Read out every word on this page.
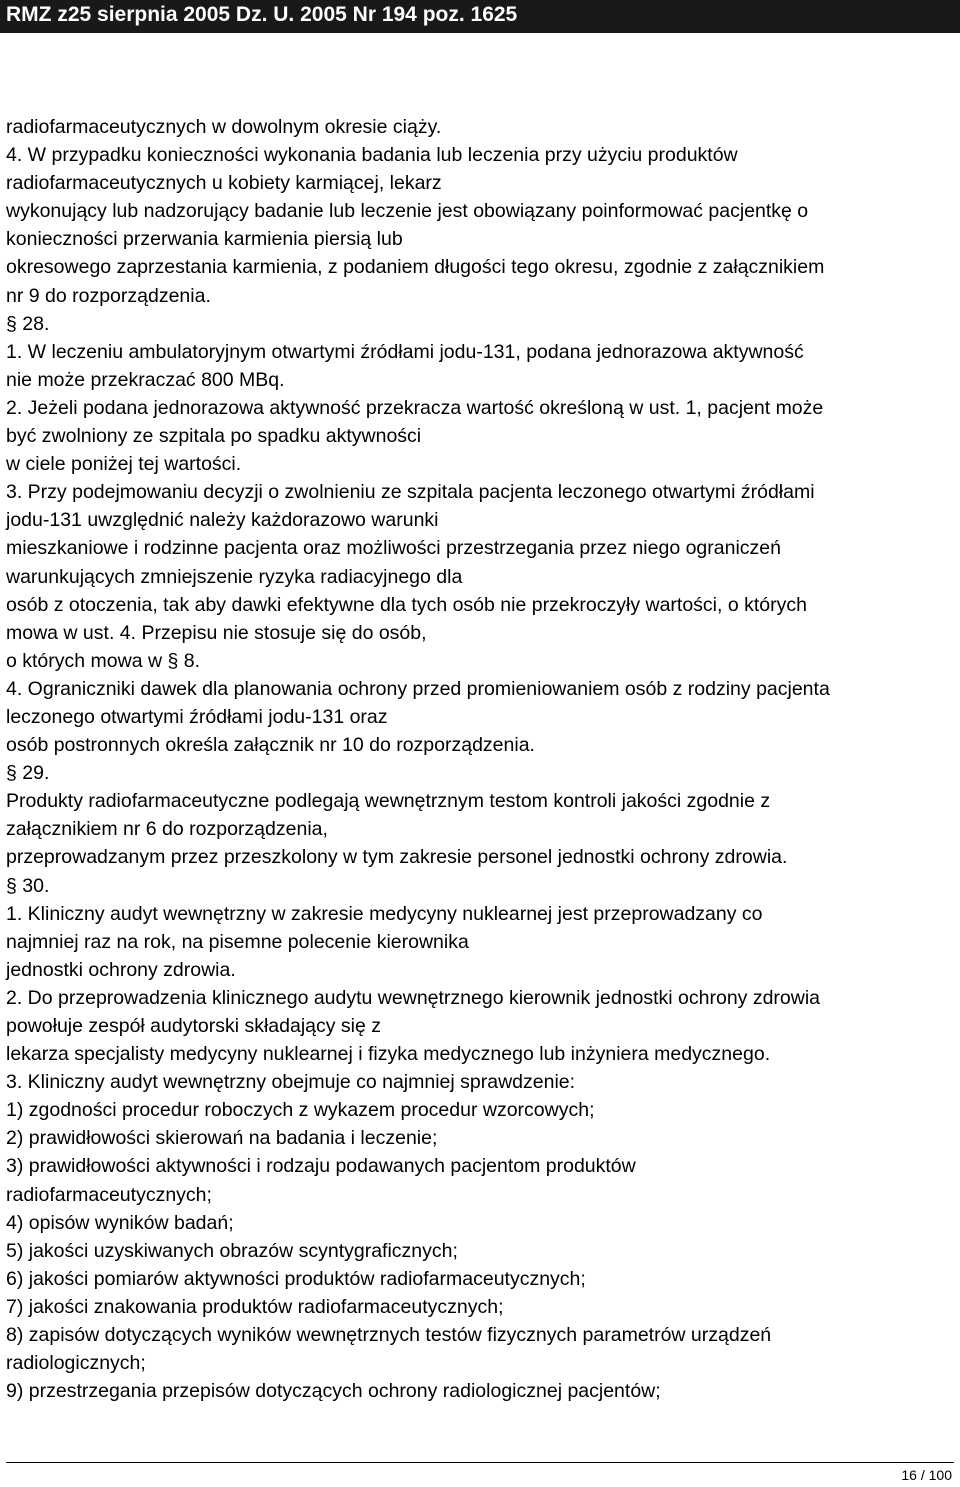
RMZ z25 sierpnia 2005 Dz. U. 2005 Nr 194 poz. 1625
radiofarmaceutycznych w dowolnym okresie ciąży.
4. W przypadku konieczności wykonania badania lub leczenia przy użyciu produktów
radiofarmaceutycznych u kobiety karmiącej, lekarz
wykonujący lub nadzorujący badanie lub leczenie jest obowiązany poinformować pacjentkę o
konieczności przerwania karmienia piersią lub
okresowego zaprzestania karmienia, z podaniem długości tego okresu, zgodnie z załącznikiem
nr 9 do rozporządzenia.
§ 28.
1. W leczeniu ambulatoryjnym otwartymi źródłami jodu-131, podana jednorazowa aktywność
nie może przekraczać 800 MBq.
2. Jeżeli podana jednorazowa aktywność przekracza wartość określoną w ust. 1, pacjent może
być zwolniony ze szpitala po spadku aktywności
w ciele poniżej tej wartości.
3. Przy podejmowaniu decyzji o zwolnieniu ze szpitala pacjenta leczonego otwartymi źródłami
jodu-131 uwzględnić należy każdorazowo warunki
mieszkaniowe i rodzinne pacjenta oraz możliwości przestrzegania przez niego ograniczeń
warunkujących zmniejszenie ryzyka radiacyjnego dla
osób z otoczenia, tak aby dawki efektywne dla tych osób nie przekroczyły wartości, o których
mowa w ust. 4. Przepisu nie stosuje się do osób,
o których mowa w § 8.
4. Ograniczniki dawek dla planowania ochrony przed promieniowaniem osób z rodziny pacjenta
leczonego otwartymi źródłami jodu-131 oraz
osób postronnych określa załącznik nr 10 do rozporządzenia.
§ 29.
Produkty radiofarmaceutyczne podlegają wewnętrznym testom kontroli jakości zgodnie z
załącznikiem nr 6 do rozporządzenia,
przeprowadzanym przez przeszkolony w tym zakresie personel jednostki ochrony zdrowia.
§ 30.
1. Kliniczny audyt wewnętrzny w zakresie medycyny nuklearnej jest przeprowadzany co
najmniej raz na rok, na pisemne polecenie kierownika
jednostki ochrony zdrowia.
2. Do przeprowadzenia klinicznego audytu wewnętrznego kierownik jednostki ochrony zdrowia
powołuje zespół audytorski składający się z
lekarza specjalisty medycyny nuklearnej i fizyka medycznego lub inżyniera medycznego.
3. Kliniczny audyt wewnętrzny obejmuje co najmniej sprawdzenie:
1) zgodności procedur roboczych z wykazem procedur wzorcowych;
2) prawidłowości skierowań na badania i leczenie;
3) prawidłowości aktywności i rodzaju podawanych pacjentom produktów
radiofarmaceutycznych;
4) opisów wyników badań;
5) jakości uzyskiwanych obrazów scyntygraficznych;
6) jakości pomiarów aktywności produktów radiofarmaceutycznych;
7) jakości znakowania produktów radiofarmaceutycznych;
8) zapisów dotyczących wyników wewnętrznych testów fizycznych parametrów urządzeń
radiologicznych;
9) przestrzegania przepisów dotyczących ochrony radiologicznej pacjentów;
16 / 100
